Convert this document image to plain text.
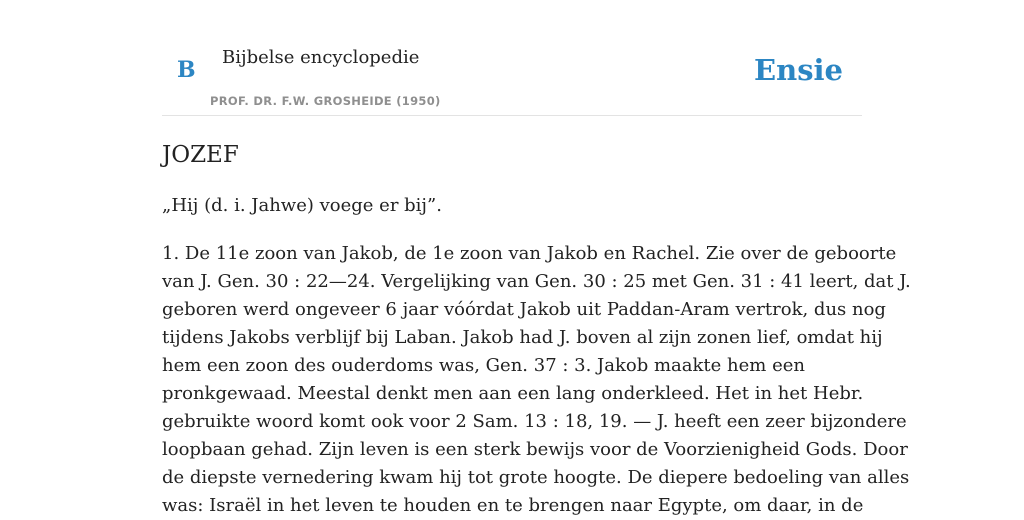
B Bijbelse encyclopedie
PROF. DR. F.W. GROSHEIDE (1950)
Ensie
JOZEF

„Hij (d. i. Jahwe) voege er bij”.

1. De 11e zoon van Jakob, de 1e zoon van Jakob en Rachel. Zie over de geboorte
van J. Gen. 30 : 22—24. Vergelijking van Gen. 30 : 25 met Gen. 31 : 41 leert, dat J.
geboren werd ongeveer 6 jaar vóórdat Jakob uit Paddan-Aram vertrok, dus nog
tijdens Jakobs verblijf bij Laban. Jakob had J. boven al zijn zonen lief, omdat hij
hem een zoon des ouderdoms was, Gen. 37 : 3. Jakob maakte hem een
pronkgewaad. Meestal denkt men aan een lang onderkleed. Het in het Hebr.
gebruikte woord komt ook voor 2 Sam. 13 : 18, 19. — J. heeft een zeer bijzondere
loopbaan gehad. Zijn leven is een sterk bewijs voor de Voorzienigheid Gods. Door
de diepste vernedering kwam hij tot grote hoogte. De diepere bedoeling van alles
was: Israël in het leven te houden en te brengen naar Egypte, om daar, in de
